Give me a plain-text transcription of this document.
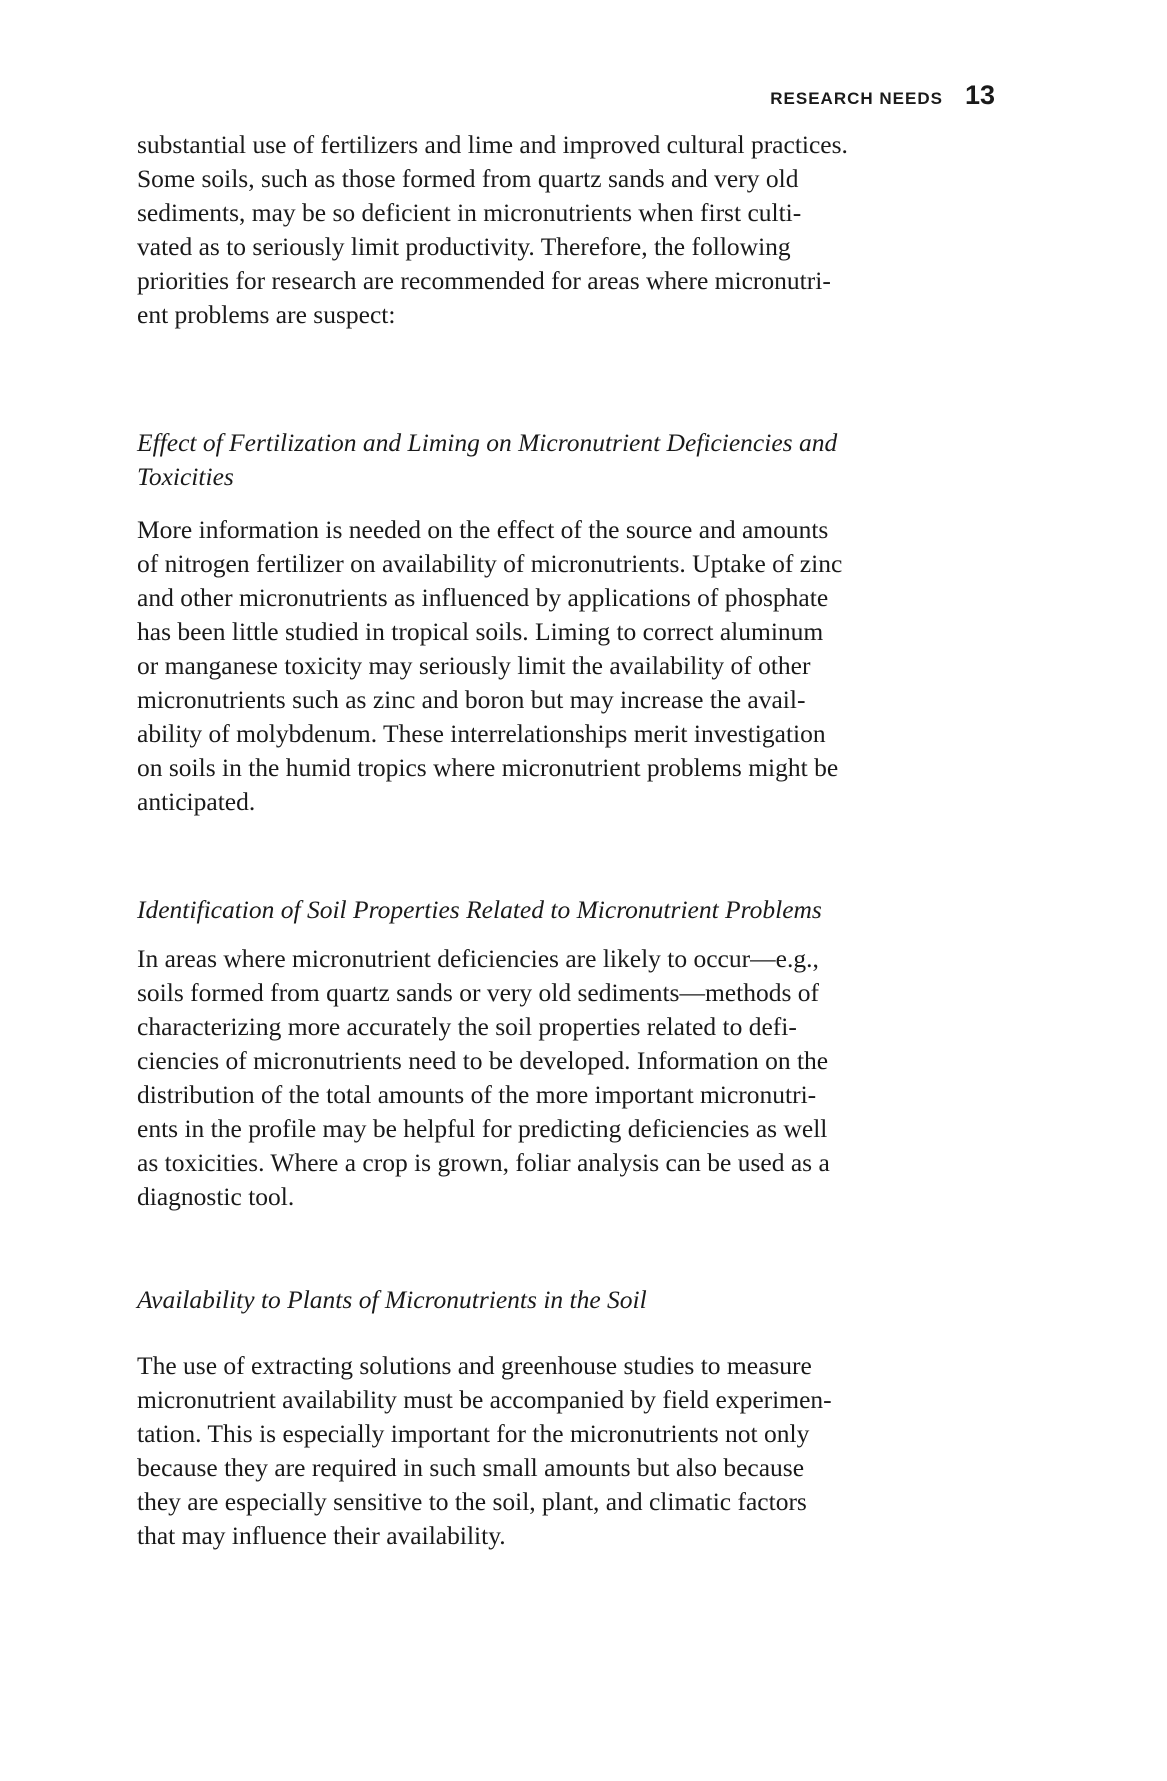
RESEARCH NEEDS 13

substantial use of fertilizers and lime and improved cultural practices.
Some soils, such as those formed from quartz sands and very old
sediments, may be so deficient in micronutrients when first culti-
vated as to seriously limit productivity. Therefore, the following
priorities for research are recommended for areas where micronutri-
ent problems are suspect:

Effect of Fertilization and Liming on Micronutrient Deficiencies and
Toxicities

More information is needed on the effect of the source and amounts
of nitrogen fertilizer on availability of micronutrients. Uptake of zinc
and other micronutrients as influenced by applications of phosphate
has been little studied in tropical soils. Liming to correct aluminum
or manganese toxicity may seriously limit the availability of other
micronutrients such as zinc and boron but may increase the avail-
ability of molybdenum. These interrelationships merit investigation
on soils in the humid tropics where micronutrient problems might be
anticipated.

Identification of Soil Properties Related to Micronutrient Problems

In areas where micronutrient deficiencies are likely to occur—e.g.,
soils formed from quartz sands or very old sediments—methods of
characterizing more accurately the soil properties related to defi-
ciencies of micronutrients need to be developed. Information on the
distribution of the total amounts of the more important micronutri-
ents in the profile may be helpful for predicting deficiencies as well
as toxicities. Where a crop is grown, foliar analysis can be used as a
diagnostic tool.

Availability to Plants of Micronutrients in the Soil

The use of extracting solutions and greenhouse studies to measure
micronutrient availability must be accompanied by field experimen-
tation. This is especially important for the micronutrients not only
because they are required in such small amounts but also because
they are especially sensitive to the soil, plant, and climatic factors
that may influence their availability.
